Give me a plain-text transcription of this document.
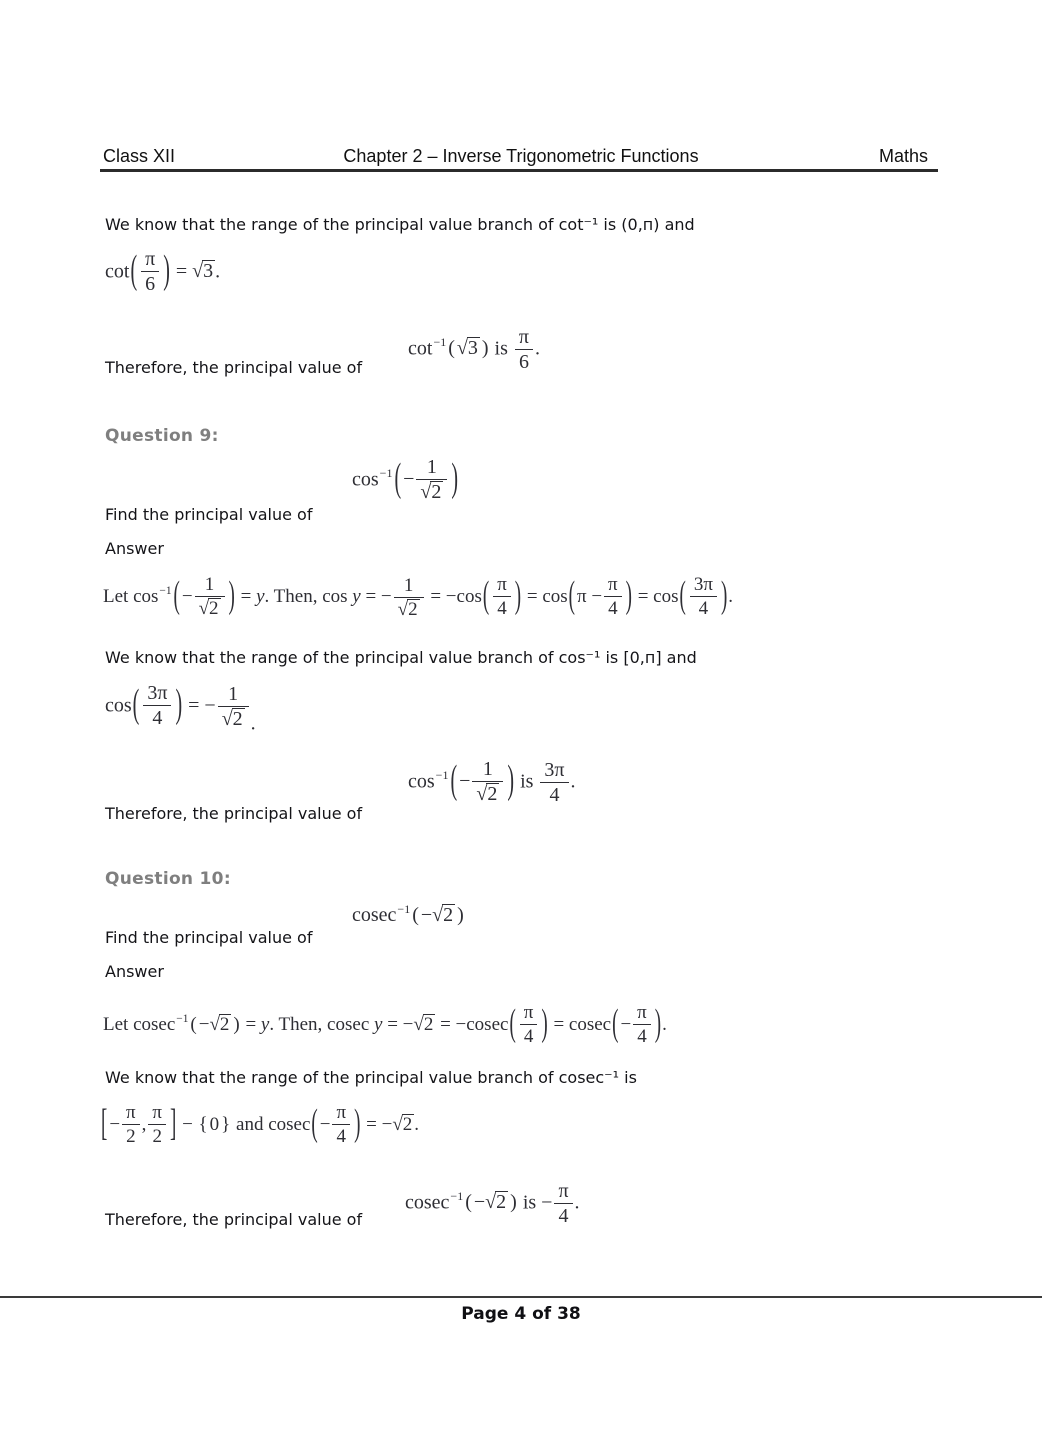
Class XII	Chapter 2 – Inverse Trigonometric Functions	Maths
We know that the range of the principal value branch of cot⁻¹ is (0,п) and
cot ( $\frac{\pi}{6}$ ) = √ 3 .
Therefore, the principal value of
$\cot^{-1}$ ( √ 3 ) is $\frac{\pi}{6}$ .
Question 9:
Find the principal value of
$\cos^{-1}$ ( − $\frac{1}{√ 2}$ )
Answer
Let $\cos^{-1}$ ( − $\frac{1}{√ 2}$ ) = y. Then, cos y = − $\frac{1}{√ 2} = -\cos$ ( $\frac{\pi}{4}$ ) = cos ( $\pi - \frac{\pi}{4}$ ) = cos ( $\frac{3\pi}{4}$ ) .
We know that the range of the principal value branch of cos⁻¹ is [0,п] and
cos ( $\frac{3\pi}{4}$ ) = − $\frac{1}{√ 2}$ .
Therefore, the principal value of
$\cos^{-1}$ ( − $\frac{1}{√ 2}$ ) is $\frac{3\pi}{4}$ .
Question 10:
Find the principal value of
cosec$^{-1}$ ( − √ 2 )
Answer
Let cosec$^{-1}$ ( − √ 2 ) = y. Then, cosec y = − √ 2 = −cosec ( $\frac{\pi}{4}$ ) = cosec ( − $\frac{\pi}{4}$ ) .
We know that the range of the principal value branch of cosec⁻¹ is
[ − $\frac{\pi}{2}$ , $\frac{\pi}{2}$ ] − { 0 } and cosec ( − $\frac{\pi}{4}$ ) = − √ 2 .
Therefore, the principal value of
cosec$^{-1}$ ( − √ 2 ) is − $\frac{\pi}{4}$ .
Page 4 of 38
